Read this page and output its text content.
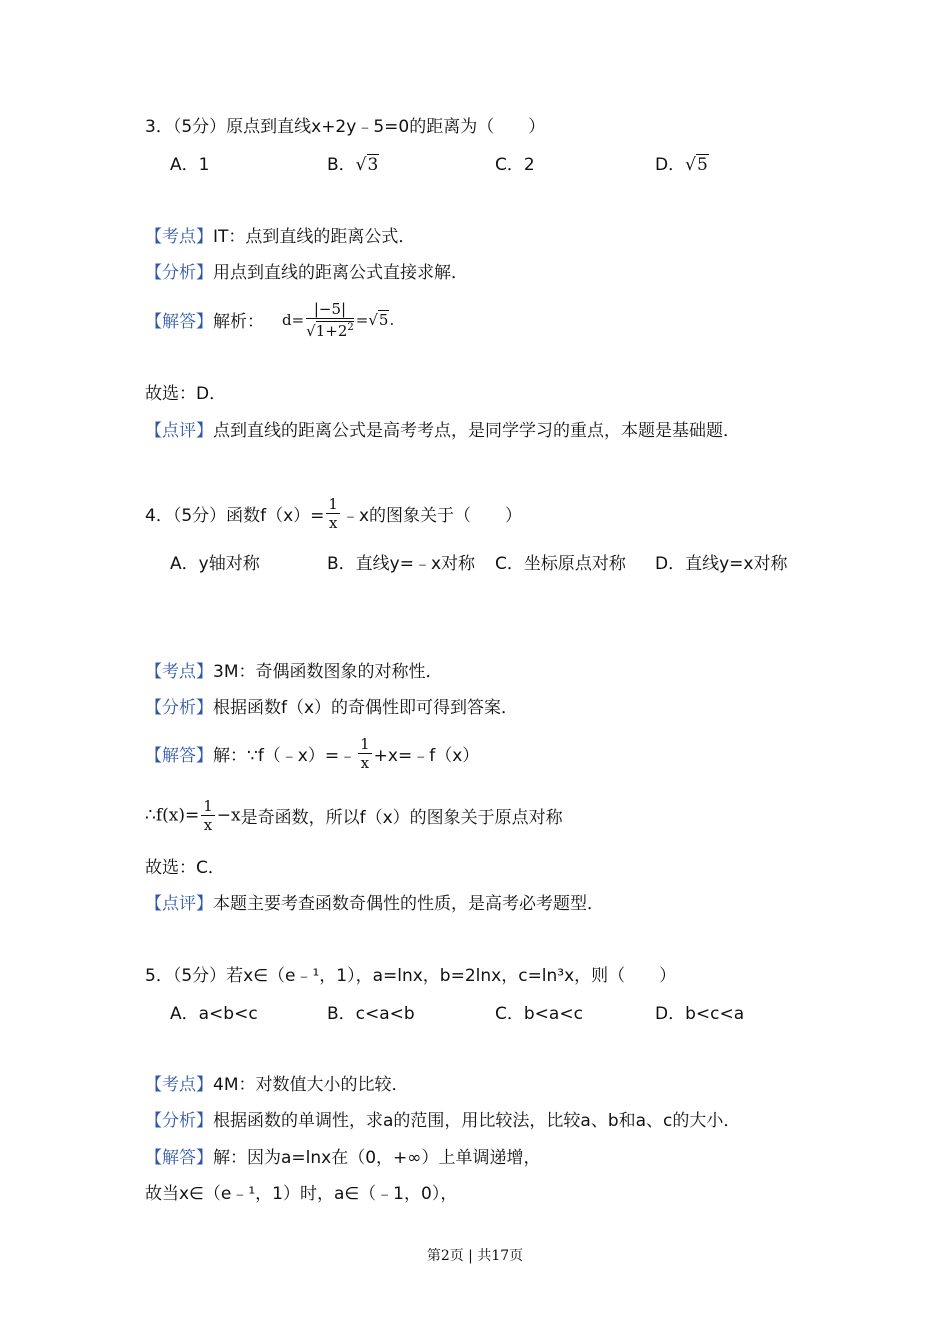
3．（5分）原点到直线x+2y﹣5=0的距离为（　　）
A．1	B．√3	C．2	D．√5
【考点】IT：点到直线的距离公式．
【分析】用点到直线的距离公式直接求解．
【解答】解析： $d= \frac{|-5|}{√1+2^2} =√5$.
故选：D．
【点评】点到直线的距离公式是高考考点，是同学学习的重点，本题是基础题．
4．（5分）函数$f(x)= \frac{1}{x}$ ﹣x的图象关于（　　）
A．y轴对称	B．直线y=﹣x对称 C．坐标原点对称 D．直线y=x对称
【考点】3M：奇偶函数图象的对称性．
【分析】根据函数f（x）的奇偶性即可得到答案．
【解答】解：∵f（﹣x）=﹣ $\frac{1}{x}$ +x=﹣f（x）
∴f(x)= $\frac{1}{x} -x$是奇函数，所以f（x）的图象关于原点对称
故选：C．
【点评】本题主要考查函数奇偶性的性质，是高考必考题型．
5．（5分）若x∈（e﹣¹，1），a=lnx，b=2lnx，c=ln³x，则（　　）
A．a<b<c	B．c<a<b	C．b<a<c	D．b<c<a
【考点】4M：对数值大小的比较．
【分析】根据函数的单调性，求a的范围，用比较法，比较a、b和a、c的大小．
【解答】解：因为a=lnx在（0，+∞）上单调递增，
故当x∈（e﹣¹，1）时，a∈（﹣1，0），
第2页 | 共17页
